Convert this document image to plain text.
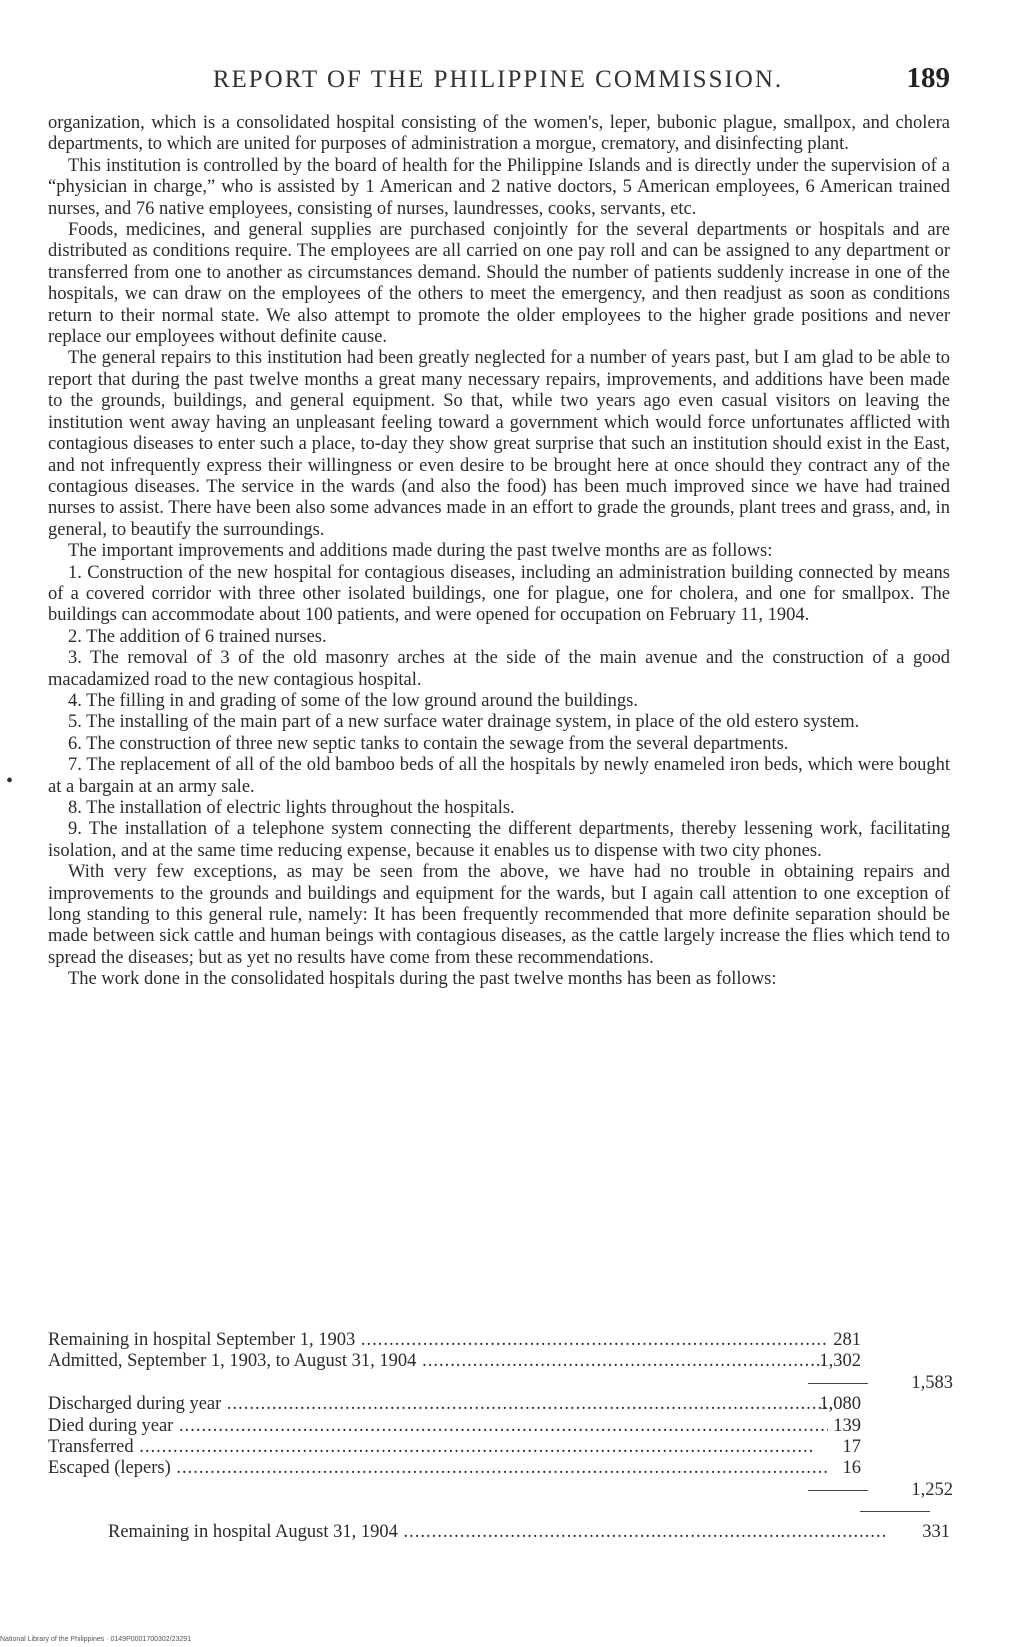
REPORT OF THE PHILIPPINE COMMISSION.	189
•

organization, which is a consolidated hospital consisting of the women's, leper, bubonic plague, smallpox, and cholera departments, to which are united for purposes of administration a morgue, crematory, and disinfecting plant.

This institution is controlled by the board of health for the Philippine Islands and is directly under the supervision of a “physician in charge,” who is assisted by 1 American and 2 native doctors, 5 American employees, 6 American trained nurses, and 76 native employees, consisting of nurses, laundresses, cooks, servants, etc.

Foods, medicines, and general supplies are purchased conjointly for the several departments or hospitals and are distributed as conditions require. The employees are all carried on one pay roll and can be assigned to any department or transferred from one to another as circumstances demand. Should the number of patients suddenly increase in one of the hospitals, we can draw on the employees of the others to meet the emergency, and then readjust as soon as conditions return to their normal state. We also attempt to promote the older employees to the higher grade positions and never replace our employees without definite cause.

The general repairs to this institution had been greatly neglected for a number of years past, but I am glad to be able to report that during the past twelve months a great many necessary repairs, improvements, and additions have been made to the grounds, buildings, and general equipment. So that, while two years ago even casual visitors on leaving the institution went away having an unpleasant feeling toward a government which would force unfortunates afflicted with contagious diseases to enter such a place, to-day they show great surprise that such an institution should exist in the East, and not infrequently express their willingness or even desire to be brought here at once should they contract any of the contagious diseases. The service in the wards (and also the food) has been much improved since we have had trained nurses to assist. There have been also some advances made in an effort to grade the grounds, plant trees and grass, and, in general, to beautify the surroundings.

The important improvements and additions made during the past twelve months are as follows:

1. Construction of the new hospital for contagious diseases, including an administration building connected by means of a covered corridor with three other isolated buildings, one for plague, one for cholera, and one for smallpox. The buildings can accommodate about 100 patients, and were opened for occupation on February 11, 1904.
2. The addition of 6 trained nurses.
3. The removal of 3 of the old masonry arches at the side of the main avenue and the construction of a good macadamized road to the new contagious hospital.
4. The filling in and grading of some of the low ground around the buildings.
5. The installing of the main part of a new surface water drainage system, in place of the old estero system.
6. The construction of three new septic tanks to contain the sewage from the several departments.
7. The replacement of all of the old bamboo beds of all the hospitals by newly enameled iron beds, which were bought at a bargain at an army sale.
8. The installation of electric lights throughout the hospitals.
9. The installation of a telephone system connecting the different departments, thereby lessening work, facilitating isolation, and at the same time reducing expense, because it enables us to dispense with two city phones.

With very few exceptions, as may be seen from the above, we have had no trouble in obtaining repairs and improvements to the grounds and buildings and equipment for the wards, but I again call attention to one exception of long standing to this general rule, namely: It has been frequently recommended that more definite separation should be made between sick cattle and human beings with contagious diseases, as the cattle largely increase the flies which tend to spread the diseases; but as yet no results have come from these recommendations.

The work done in the consolidated hospitals during the past twelve months has been as follows:

Remaining in hospital September 1, 1903 .....	281
Admitted, September 1, 1903, to August 31, 1904 .....	1,302
1,583
Discharged during year .....	1,080
Died during year .....	139
Transferred .....	17
Escaped (lepers) .....	16
1,252
Remaining in hospital August 31, 1904 .....	331
National Library of the Philippines · 0149P0001700302/23291
